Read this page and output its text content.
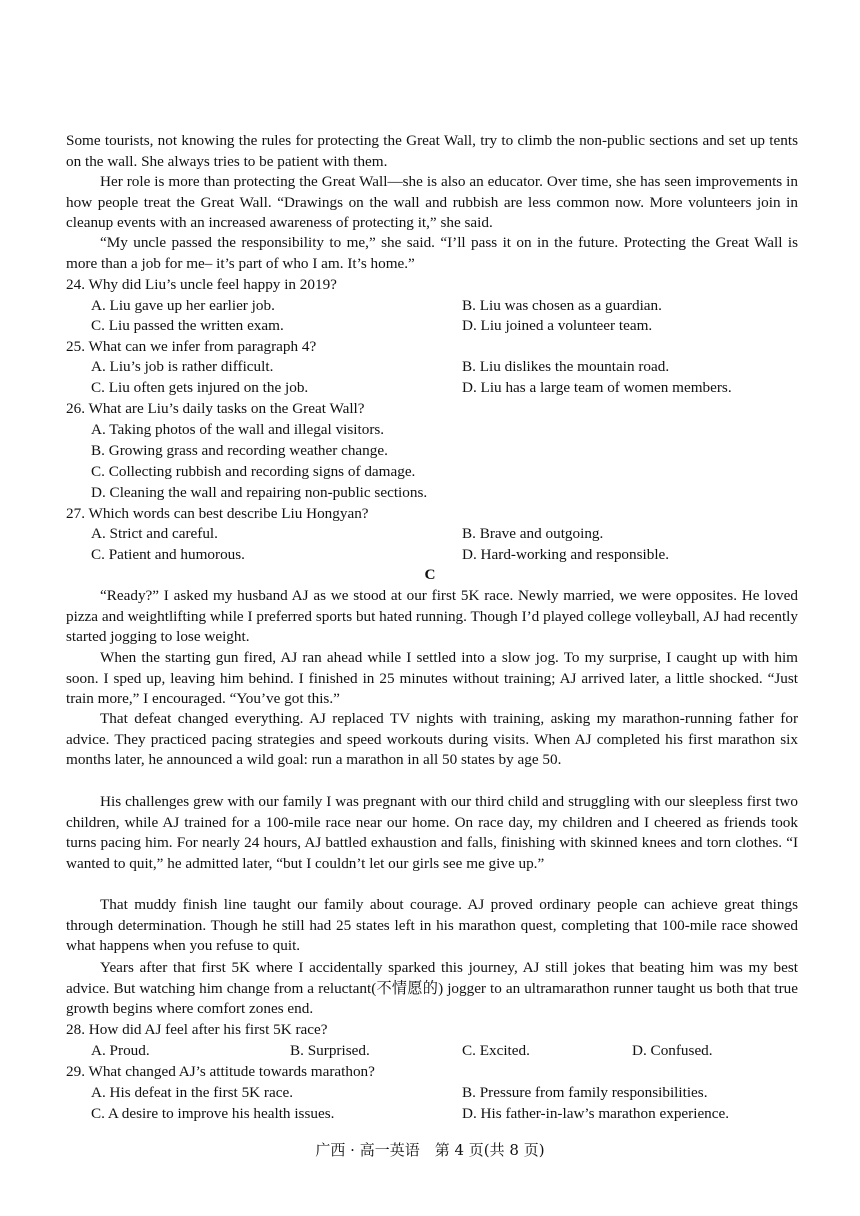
Some tourists, not knowing the rules for protecting the Great Wall, try to climb the non-public sections and set up tents on the wall. She always tries to be patient with them.

Her role is more than protecting the Great Wall—she is also an educator. Over time, she has seen improvements in how people treat the Great Wall. “Drawings on the wall and rubbish are less common now. More volunteers join in cleanup events with an increased awareness of protecting it,” she said.

“My uncle passed the responsibility to me,” she said. “I’ll pass it on in the future. Protecting the Great Wall is more than a job for me– it’s part of who I am. It’s home.”

24. Why did Liu’s uncle feel happy in 2019?

A. Liu gave up her earlier job.	B. Liu was chosen as a guardian.

C. Liu passed the written exam.	D. Liu joined a volunteer team.

25. What can we infer from paragraph 4?

A. Liu’s job is rather difficult.	B. Liu dislikes the mountain road.

C. Liu often gets injured on the job.	D. Liu has a large team of women members.

26. What are Liu’s daily tasks on the Great Wall?

A. Taking photos of the wall and illegal visitors.

B. Growing grass and recording weather change.

C. Collecting rubbish and recording signs of damage.

D. Cleaning the wall and repairing non-public sections.

27. Which words can best describe Liu Hongyan?

A. Strict and careful.	B. Brave and outgoing.

C. Patient and humorous.	D. Hard-working and responsible.

C

“Ready?” I asked my husband AJ as we stood at our first 5K race. Newly married, we were opposites. He loved pizza and weightlifting while I preferred sports but hated running. Though I’d played college volleyball, AJ had recently started jogging to lose weight.

When the starting gun fired, AJ ran ahead while I settled into a slow jog. To my surprise, I caught up with him soon. I sped up, leaving him behind. I finished in 25 minutes without training; AJ arrived later, a little shocked. “Just train more,” I encouraged. “You’ve got this.”

That defeat changed everything. AJ replaced TV nights with training, asking my marathon-running father for advice. They practiced pacing strategies and speed workouts during visits. When AJ completed his first marathon six months later, he announced a wild goal: run a marathon in all 50 states by age 50.

His challenges grew with our family I was pregnant with our third child and struggling with our sleepless first two children, while AJ trained for a 100-mile race near our home. On race day, my children and I cheered as friends took turns pacing him. For nearly 24 hours, AJ battled exhaustion and falls, finishing with skinned knees and torn clothes. “I wanted to quit,” he admitted later, “but I couldn’t let our girls see me give up.”

That muddy finish line taught our family about courage. AJ proved ordinary people can achieve great things through determination. Though he still had 25 states left in his marathon quest, completing that 100-mile race showed what happens when you refuse to quit.

Years after that first 5K where I accidentally sparked this journey, AJ still jokes that beating him was my best advice. But watching him change from a reluctant(不情愿的) jogger to an ultramarathon runner taught us both that true growth begins where comfort zones end.

28. How did AJ feel after his first 5K race?

A. Proud.	B. Surprised.	C. Excited.	D. Confused.

29. What changed AJ’s attitude towards marathon?

A. His defeat in the first 5K race.	B. Pressure from family responsibilities.

C. A desire to improve his health issues.	D. His father-in-law’s marathon experience.

广西 · 高一英语　第 4 页(共 8 页)
